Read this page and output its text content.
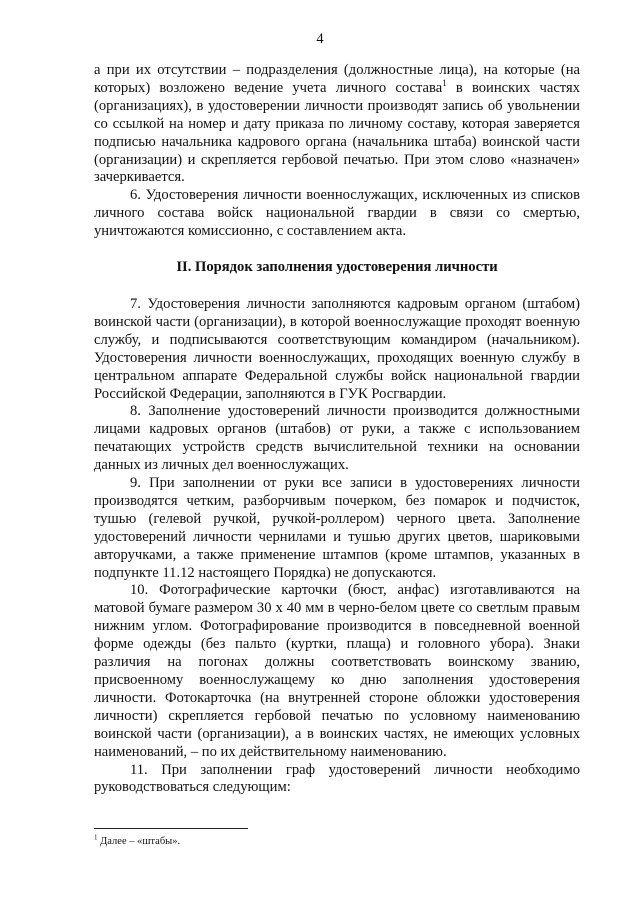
4

а при их отсутствии – подразделения (должностные лица), на которые (на которых) возложено ведение учета личного состава$^1$ в воинских частях (организациях), в удостоверении личности производят запись об увольнении со ссылкой на номер и дату приказа по личному составу, которая заверяется подписью начальника кадрового органа (начальника штаба) воинской части (организации) и скрепляется гербовой печатью. При этом слово «назначен» зачеркивается.

6. Удостоверения личности военнослужащих, исключенных из списков личного состава войск национальной гвардии в связи со смертью, уничтожаются комиссионно, с составлением акта.

II. Порядок заполнения удостоверения личности

7. Удостоверения личности заполняются кадровым органом (штабом) воинской части (организации), в которой военнослужащие проходят военную службу, и подписываются соответствующим командиром (начальником). Удостоверения личности военнослужащих, проходящих военную службу в центральном аппарате Федеральной службы войск национальной гвардии Российской Федерации, заполняются в ГУК Росгвардии.

8. Заполнение удостоверений личности производится должностными лицами кадровых органов (штабов) от руки, а также с использованием печатающих устройств средств вычислительной техники на основании данных из личных дел военнослужащих.

9. При заполнении от руки все записи в удостоверениях личности производятся четким, разборчивым почерком, без помарок и подчисток, тушью (гелевой ручкой, ручкой-роллером) черного цвета. Заполнение удостоверений личности чернилами и тушью других цветов, шариковыми авторучками, а также применение штампов (кроме штампов, указанных в подпункте 11.12 настоящего Порядка) не допускаются.

10. Фотографические карточки (бюст, анфас) изготавливаются на матовой бумаге размером 30 х 40 мм в черно-белом цвете со светлым правым нижним углом. Фотографирование производится в повседневной военной форме одежды (без пальто (куртки, плаща) и головного убора). Знаки различия на погонах должны соответствовать воинскому званию, присвоенному военнослужащему ко дню заполнения удостоверения личности. Фотокарточка (на внутренней стороне обложки удостоверения личности) скрепляется гербовой печатью по условному наименованию воинской части (организации), а в воинских частях, не имеющих условных наименований, – по их действительному наименованию.

11. При заполнении граф удостоверений личности необходимо руководствоваться следующим:

$^1$ Далее – «штабы».
